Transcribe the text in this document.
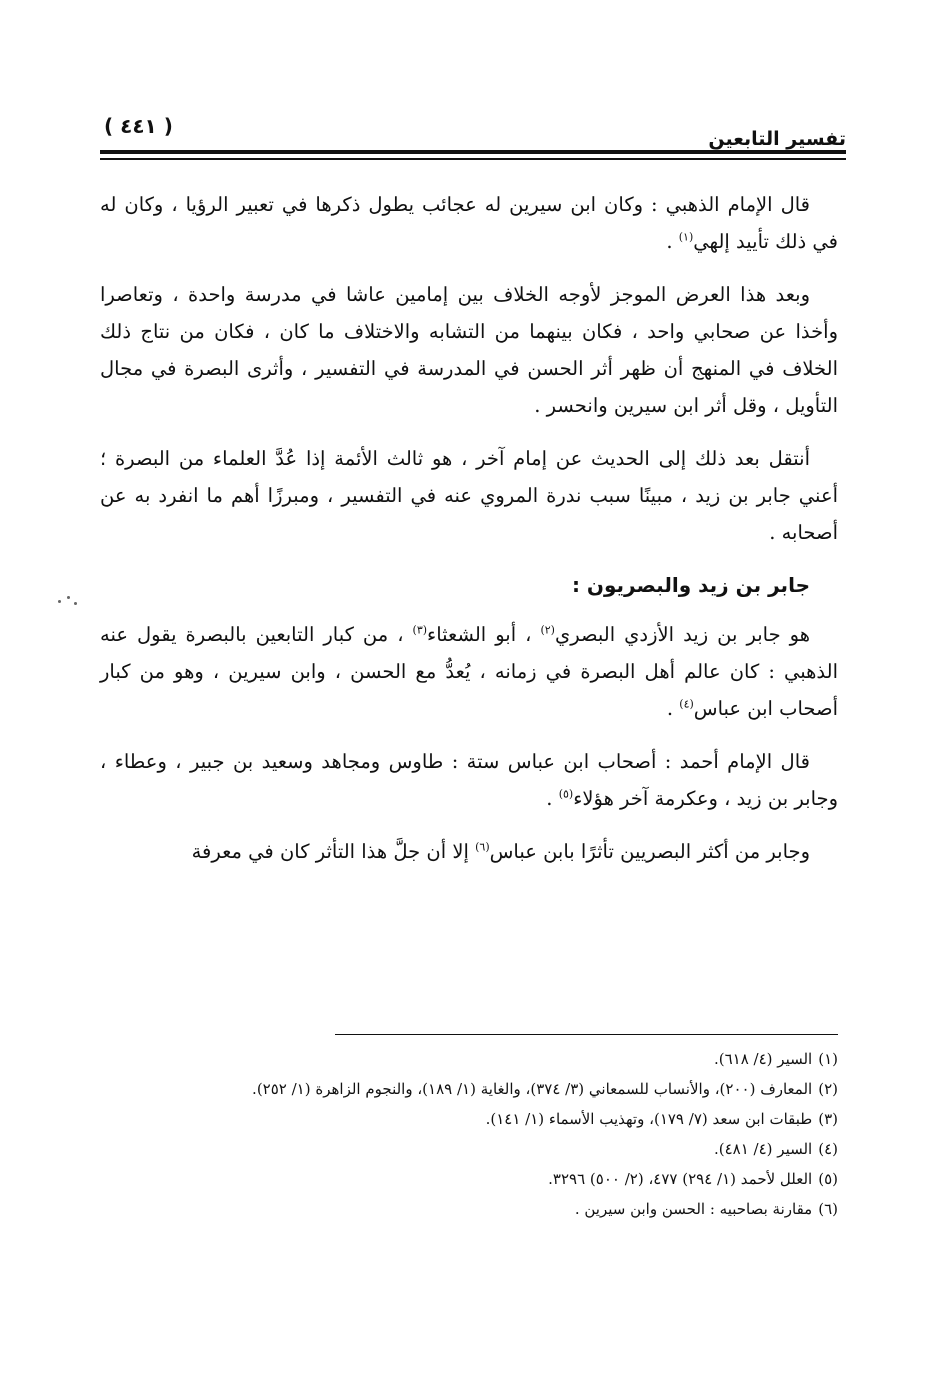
تفسير التابعين
( ٤٤١ )

قال الإمام الذهبي : وكان ابن سيرين له عجائب يطول ذكرها في تعبير الرؤيا ، وكان له في ذلك تأييد إلهي$^{(١)}$ .

وبعد هذا العرض الموجز لأوجه الخلاف بين إمامين عاشا في مدرسة واحدة ، وتعاصرا وأخذا عن صحابي واحد ، فكان بينهما من التشابه والاختلاف ما كان ، فكان من نتاج ذلك الخلاف في المنهج أن ظهر أثر الحسن في المدرسة في التفسير ، وأثرى البصرة في مجال التأويل ، وقل أثر ابن سيرين وانحسر .

أنتقل بعد ذلك إلى الحديث عن إمام آخر ، هو ثالث الأئمة إذا عُدَّ العلماء من البصرة ؛ أعني جابر بن زيد ، مبينًا سبب ندرة المروي عنه في التفسير ، ومبرزًا أهم ما انفرد به عن أصحابه .

جابر بن زيد والبصريون :

هو جابر بن زيد الأزدي البصري$^{(٢)}$ ، أبو الشعثاء$^{(٣)}$ ، من كبار التابعين بالبصرة يقول عنه الذهبي : كان عالم أهل البصرة في زمانه ، يُعدُّ مع الحسن ، وابن سيرين ، وهو من كبار أصحاب ابن عباس$^{(٤)}$ .

قال الإمام أحمد : أصحاب ابن عباس ستة : طاوس ومجاهد وسعيد بن جبير ، وعطاء ، وجابر بن زيد ، وعكرمة آخر هؤلاء$^{(٥)}$ .

وجابر من أكثر البصريين تأثرًا بابن عباس$^{(٦)}$ إلا أن جلَّ هذا التأثر كان في معرفة

(١)السير (٤/ ٦١٨).

(٢)المعارف (٢٠٠)، والأنساب للسمعاني (٣/ ٣٧٤)، والغاية (١/ ١٨٩)، والنجوم الزاهرة (١/ ٢٥٢).

(٣)طبقات ابن سعد (٧/ ١٧٩)، وتهذيب الأسماء (١/ ١٤١).

(٤)السير (٤/ ٤٨١).

(٥)العلل لأحمد (١/ ٢٩٤) ٤٧٧، (٢/ ٥٠٠) ٣٢٩٦.

(٦)مقارنة بصاحبيه : الحسن وابن سيرين .
